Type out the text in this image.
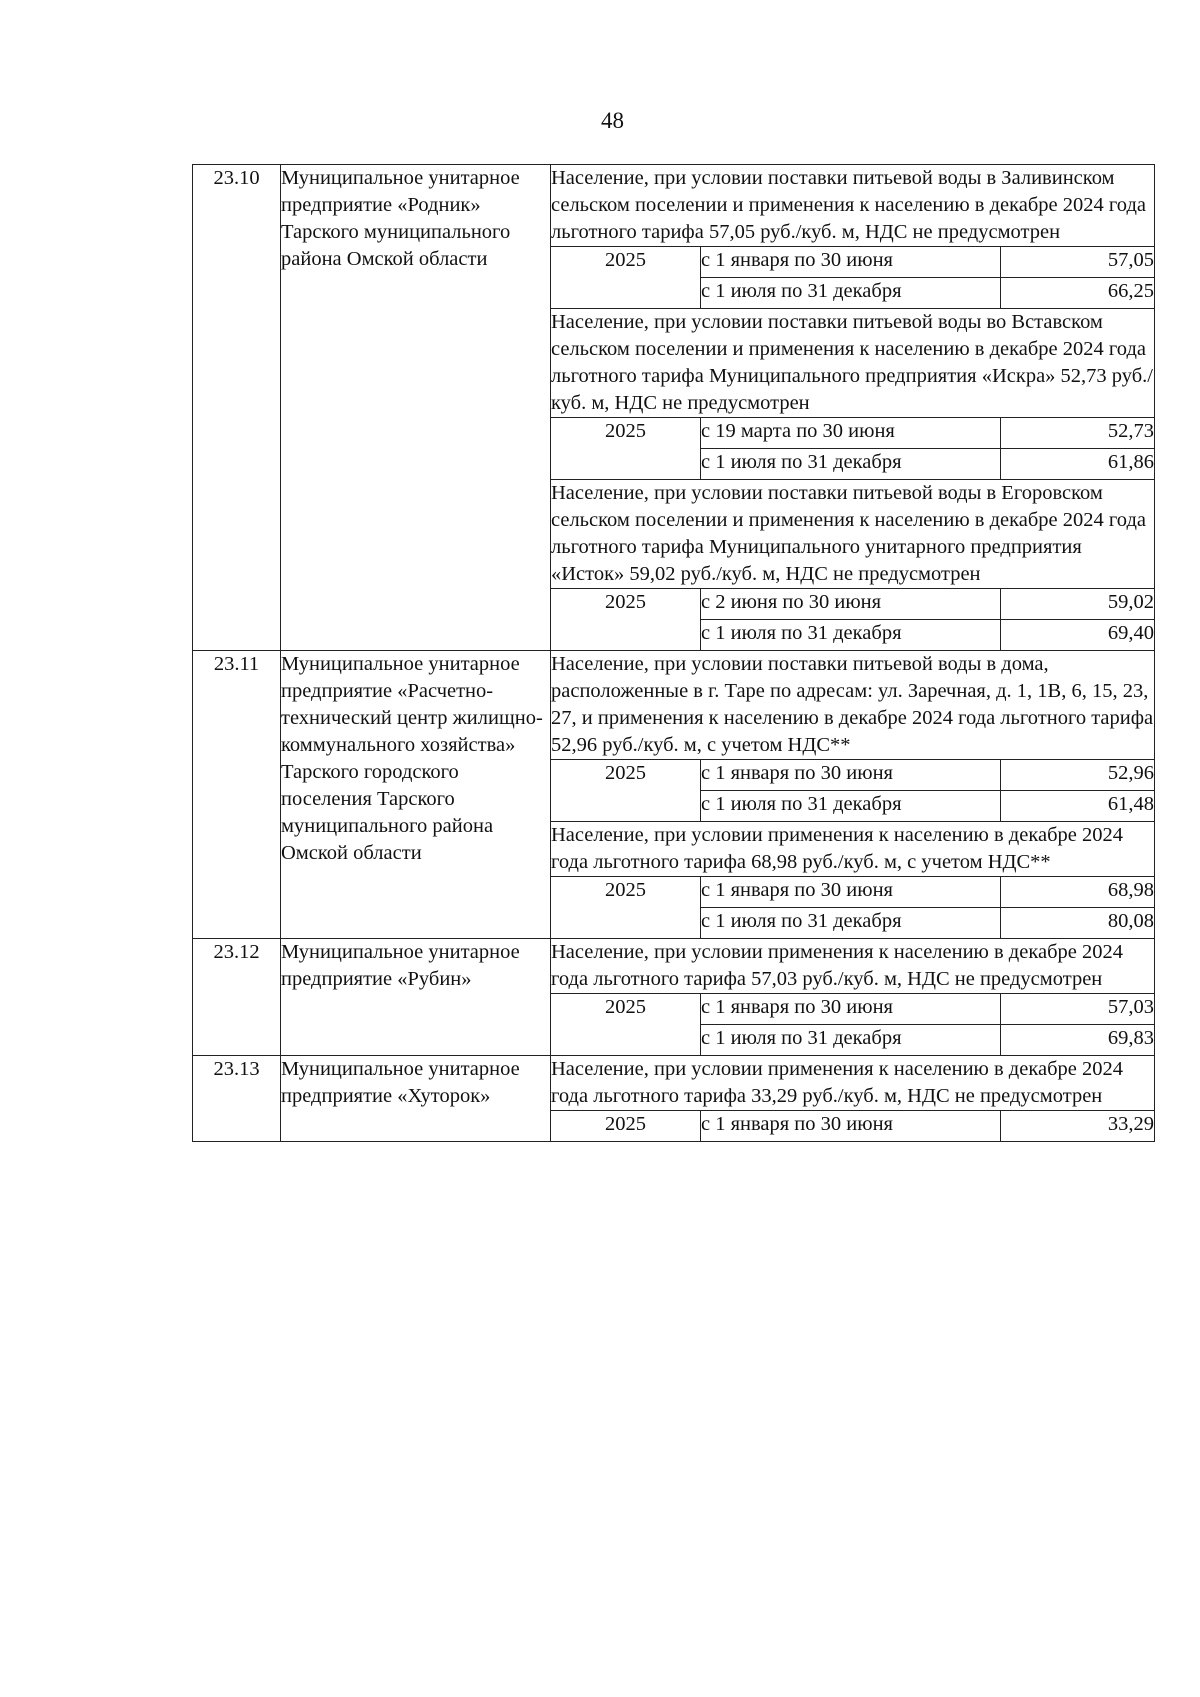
48
23.10	Муниципальное унитарное предприятие «Родник» Тарского муниципального района Омской области	Население, при условии поставки питьевой воды в Заливинском сельском поселении и применения к населению в декабре 2024 года льготного тарифа 57,05 руб./куб. м, НДС не предусмотрен		
		2025	с 1 января по 30 июня	57,05
			с 1 июля по 31 декабря	66,25
		Население, при условии поставки питьевой воды во Вставском сельском поселении и применения к населению в декабре 2024 года льготного тарифа Муниципального предприятия «Искра» 52,73 руб./куб. м, НДС не предусмотрен		
		2025	с 19 марта по 30 июня	52,73
			с 1 июля по 31 декабря	61,86
		Население, при условии поставки питьевой воды в Егоровском сельском поселении и применения к населению в декабре 2024 года льготного тарифа Муниципального унитарного предприятия «Исток» 59,02 руб./куб. м, НДС не предусмотрен		
		2025	с 2 июня по 30 июня	59,02
			с 1 июля по 31 декабря	69,40
23.11	Муниципальное унитарное предприятие «Расчетно-технический центр жилищно-коммунального хозяйства» Тарского городского поселения Тарского муниципального района Омской области	Население, при условии поставки питьевой воды в дома, расположенные в г. Таре по адресам: ул. Заречная, д. 1, 1В, 6, 15, 23, 27, и применения к населению в декабре 2024 года льготного тарифа 52,96 руб./куб. м, с учетом НДС**		
		2025	с 1 января по 30 июня	52,96
			с 1 июля по 31 декабря	61,48
		Население, при условии применения к населению в декабре 2024 года льготного тарифа 68,98 руб./куб. м, с учетом НДС**		
		2025	с 1 января по 30 июня	68,98
			с 1 июля по 31 декабря	80,08
23.12	Муниципальное унитарное предприятие «Рубин»	Население, при условии применения к населению в декабре 2024 года льготного тарифа 57,03 руб./куб. м, НДС не предусмотрен		
		2025	с 1 января по 30 июня	57,03
			с 1 июля по 31 декабря	69,83
23.13	Муниципальное унитарное предприятие «Хуторок»	Население, при условии применения к населению в декабре 2024 года льготного тарифа 33,29 руб./куб. м, НДС не предусмотрен		
		2025	с 1 января по 30 июня	33,29
